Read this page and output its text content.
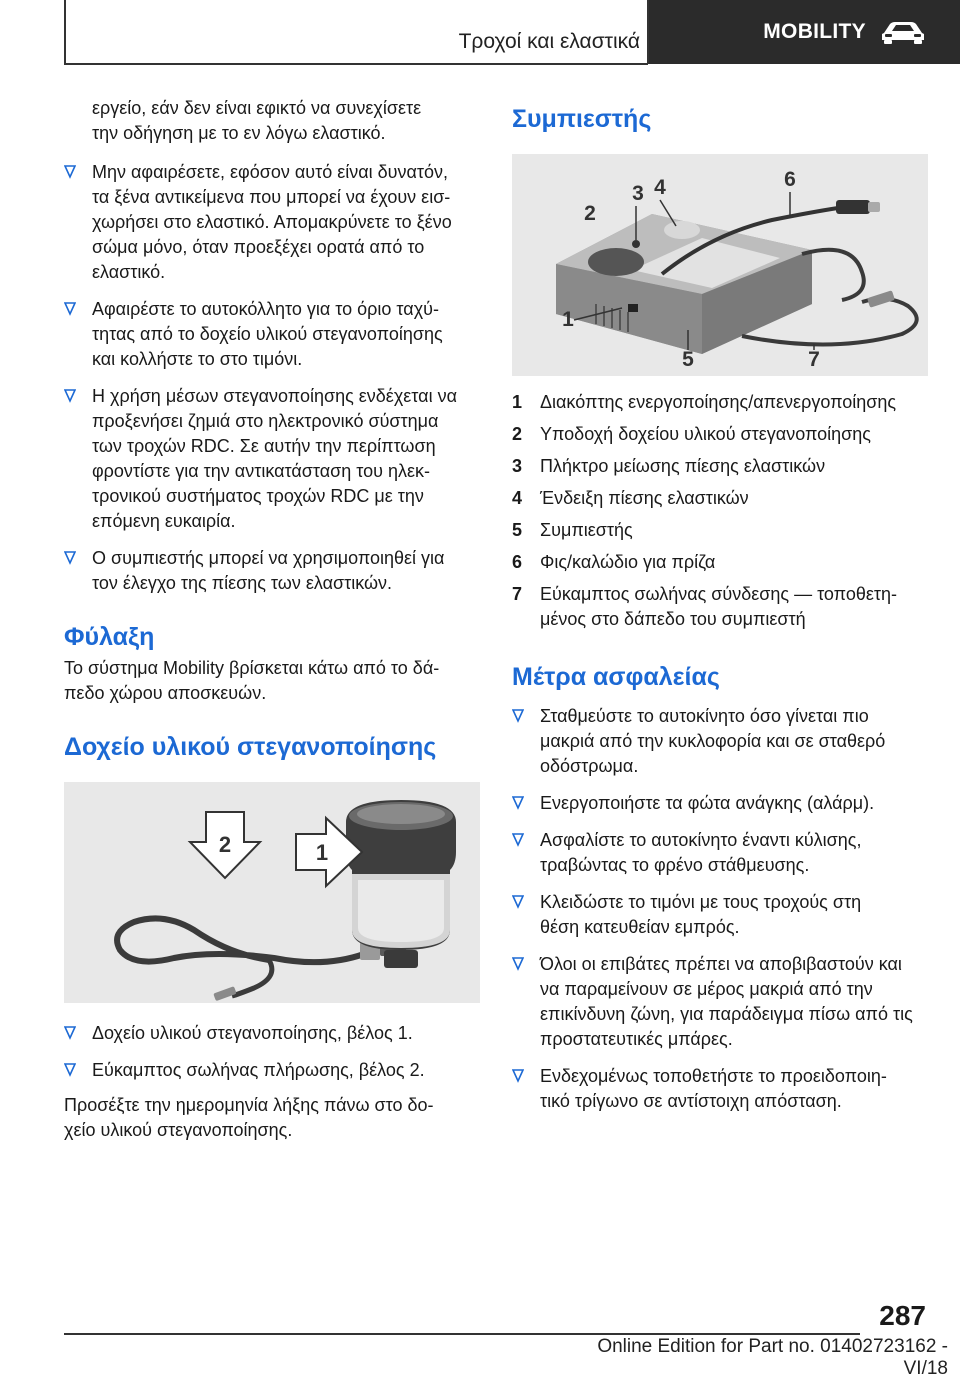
Τροχοί και ελαστικά	MOBILITY

εργείο, εάν δεν είναι εφικτό να συνεχίσετε

την οδήγηση με το εν λόγω ελαστικό.

Μην αφαιρέσετε, εφόσον αυτό είναι δυνατόν,

τα ξένα αντικείμενα που μπορεί να έχουν εισ‐

χωρήσει στο ελαστικό. Απομακρύνετε το ξένο

σώμα μόνο, όταν προεξέχει ορατά από το

ελαστικό.

Αφαιρέστε το αυτοκόλλητο για το όριο ταχύ‐

τητας από το δοχείο υλικού στεγανοποίησης

και κολλήστε το στο τιμόνι.

Η χρήση μέσων στεγανοποίησης ενδέχεται να

προξενήσει ζημιά στο ηλεκτρονικό σύστημα

των τροχών RDC. Σε αυτήν την περίπτωση

φροντίστε για την αντικατάσταση του ηλεκ‐

τρονικού συστήματος τροχών RDC με την

επόμενη ευκαιρία.

Ο συμπιεστής μπορεί να χρησιμοποιηθεί για

τον έλεγχο της πίεσης των ελαστικών.

Φύλαξη

Το σύστημα Mobility βρίσκεται κάτω από το δά‐

πεδο χώρου αποσκευών.

Δοχείο υλικού στεγανοποίησης
2	1

Δοχείο υλικού στεγανοποίησης, βέλος 1.

Εύκαμπτος σωλήνας πλήρωσης, βέλος 2.

Προσέξτε την ημερομηνία λήξης πάνω στο δο‐

χείο υλικού στεγανοποίησης.

Συμπιεστής
1
2
3 4
5
6
7
1 Διακόπτης ενεργοποίησης/απενεργοποίησης
2 Υποδοχή δοχείου υλικού στεγανοποίησης
3 Πλήκτρο μείωσης πίεσης ελαστικών
4 Ένδειξη πίεσης ελαστικών
5 Συμπιεστής
6 Φις/καλώδιο για πρίζα
7 Εύκαμπτος σωλήνας σύνδεσης — τοποθετη‐
μένος στο δάπεδο του συμπιεστή
Μέτρα ασφαλείας

Σταθμεύστε το αυτοκίνητο όσο γίνεται πιο

μακριά από την κυκλοφορία και σε σταθερό

οδόστρωμα.

Ενεργοποιήστε τα φώτα ανάγκης (αλάρμ).

Ασφαλίστε το αυτοκίνητο έναντι κύλισης,

τραβώντας το φρένο στάθμευσης.

Κλειδώστε το τιμόνι με τους τροχούς στη

θέση κατευθείαν εμπρός.

Όλοι οι επιβάτες πρέπει να αποβιβαστούν και

να παραμείνουν σε μέρος μακριά από την

επικίνδυνη ζώνη, για παράδειγμα πίσω από τις

προστατευτικές μπάρες.

Ενδεχομένως τοποθετήστε το προειδοποιη‐

τικό τρίγωνο σε αντίστοιχη απόσταση.

287
Online Edition for Part no. 01402723162 - VI/18
